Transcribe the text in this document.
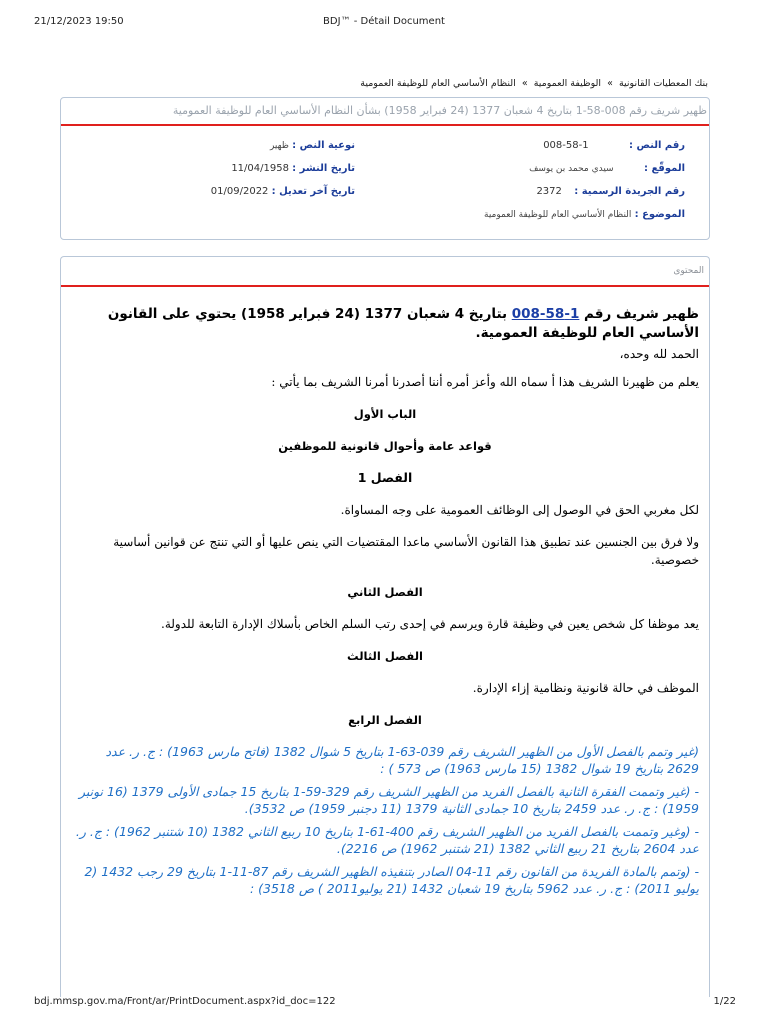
21/12/2023 19:50	BDJ™ - Détail Document
بنك المعطيات القانونية » الوظيفة العمومية » النظام الأساسي العام للوظيفة العمومية
ظهير شريف رقم 008-58-1 بتاريخ 4 شعبان 1377 (24 فبراير 1958) بشأن النظام الأساسي العام للوظيفة العمومية
رقم النص :  1-58-008
نوعية النص : ظهير
الموقّع :  سيدي محمد بن يوسف
تاريخ النشر : 11/04/1958
رقم الجريدة الرسمية :  2372
تاريخ آخر تعديل : 01/09/2022
الموضوع : النظام الأساسي العام للوظيفة العمومية
المحتوى
ظهير شريف رقم 1-58-008 بتاريخ 4 شعبان 1377 (24 فبراير 1958) يحتوي على القانون الأساسي العام للوظيفة العمومية.

الحمد لله وحده،

يعلم من ظهيرنا الشريف هذا أ سماه الله وأعز أمره أننا أصدرنا أمرنا الشريف بما يأتي :

الباب الأول
قواعد عامة وأحوال قانونية للموظفين
الفصل 1

لكل مغربي الحق في الوصول إلى الوظائف العمومية على وجه المساواة.

ولا فرق بين الجنسين عند تطبيق هذا القانون الأساسي ماعدا المقتضيات التي ينص عليها أو التي تنتج عن قوانين أساسية خصوصية.

الفصل الثاني

يعد موظفا كل شخص يعين في وظيفة قارة ويرسم في إحدى رتب السلم الخاص بأسلاك الإدارة التابعة للدولة.

الفصل الثالث

الموظف في حالة قانونية ونظامية إزاء الإدارة.

الفصل الرابع
(غير وتمم بالفصل الأول من الظهير الشريف رقم 039-63-1 بتاريخ 5 شوال 1382 (فاتح مارس 1963) : ج. ر. عدد 2629 بتاريخ 19 شوال 1382 (15 مارس 1963) ص 573 ) :
- (غير وتممت الفقرة الثانية بالفصل الفريد من الظهير الشريف رقم 329-59-1 بتاريخ 15 جمادى الأولى 1379 (16 نونبر 1959) : ج. ر. عدد 2459 بتاريخ 10 جمادى الثانية 1379 (11 دجنبر 1959) ص 3532).
- (وغير وتممت بالفصل الفريد من الظهير الشريف رقم 400-61-1 بتاريخ 10 ربيع الثاني 1382 (10 شتنبر 1962) : ج. ر. عدد 2604 بتاريخ 21 ربيع الثاني 1382 (21 شتنبر 1962) ص 2216).
- (وتمم بالمادة الفريدة من القانون رقم 11-04 الصادر بتنفيذه الظهير الشريف رقم 87-11-1 بتاريخ 29 رجب 1432 (2 يوليو 2011) : ج. ر. عدد 5962 بتاريخ 19 شعبان 1432 (21 يوليو2011 ) ص 3518) :
bdj.mmsp.gov.ma/Front/ar/PrintDocument.aspx?id_doc=122	1/22
